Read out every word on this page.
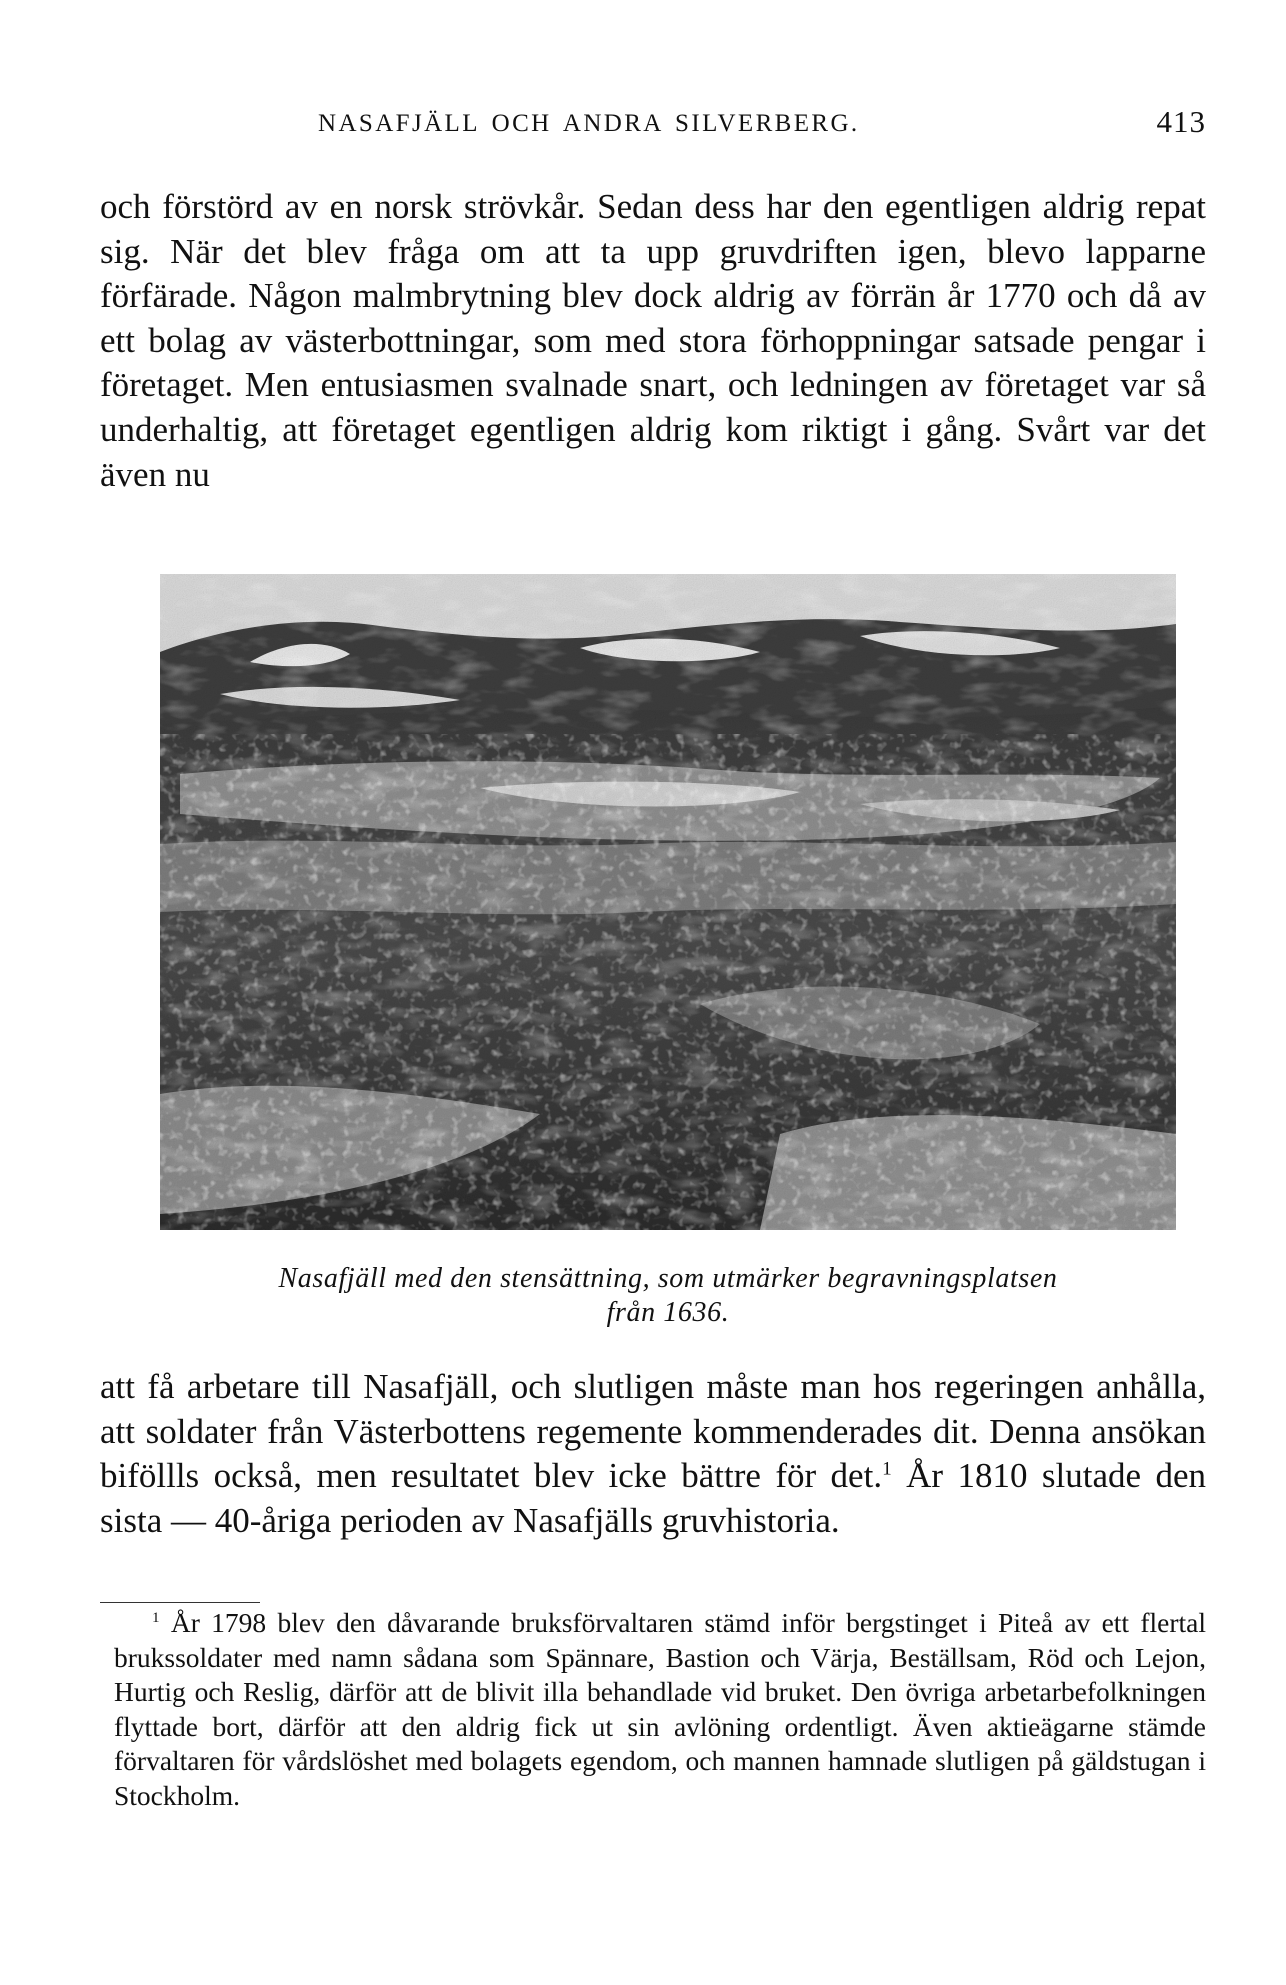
NASAFJÄLL OCH ANDRA SILVERBERG.	413
och förstörd av en norsk strövkår. Sedan dess har den egentligen aldrig repat sig. När det blev fråga om att ta upp gruvdriften igen, blevo lapparne förfärade. Någon malmbrytning blev dock aldrig av förrän år 1770 och då av ett bolag av västerbottningar, som med stora förhoppningar satsade pengar i företaget. Men entusiasmen svalnade snart, och ledningen av företaget var så underhaltig, att företaget egentligen aldrig kom riktigt i gång. Svårt var det även nu
Nasafjäll med den stensättning, som utmärker begravningsplatsen
från 1636.
att få arbetare till Nasafjäll, och slutligen måste man hos regeringen anhålla, att soldater från Västerbottens regemente kommenderades dit. Denna ansökan biföllls också, men resultatet blev icke bättre för det.$^1$ År 1810 slutade den sista — 40-åriga perioden av Nasafjälls gruvhistoria.
$^1$ År 1798 blev den dåvarande bruksförvaltaren stämd inför bergstinget i Piteå av ett flertal brukssoldater med namn sådana som Spännare, Bastion och Värja, Beställsam, Röd och Lejon, Hurtig och Reslig, därför att de blivit illa behandlade vid bruket. Den övriga arbetarbefolkningen flyttade bort, därför att den aldrig fick ut sin avlöning ordentligt. Även aktieägarne stämde förvaltaren för vårdslöshet med bolagets egendom, och mannen hamnade slutligen på gäldstugan i Stockholm.
